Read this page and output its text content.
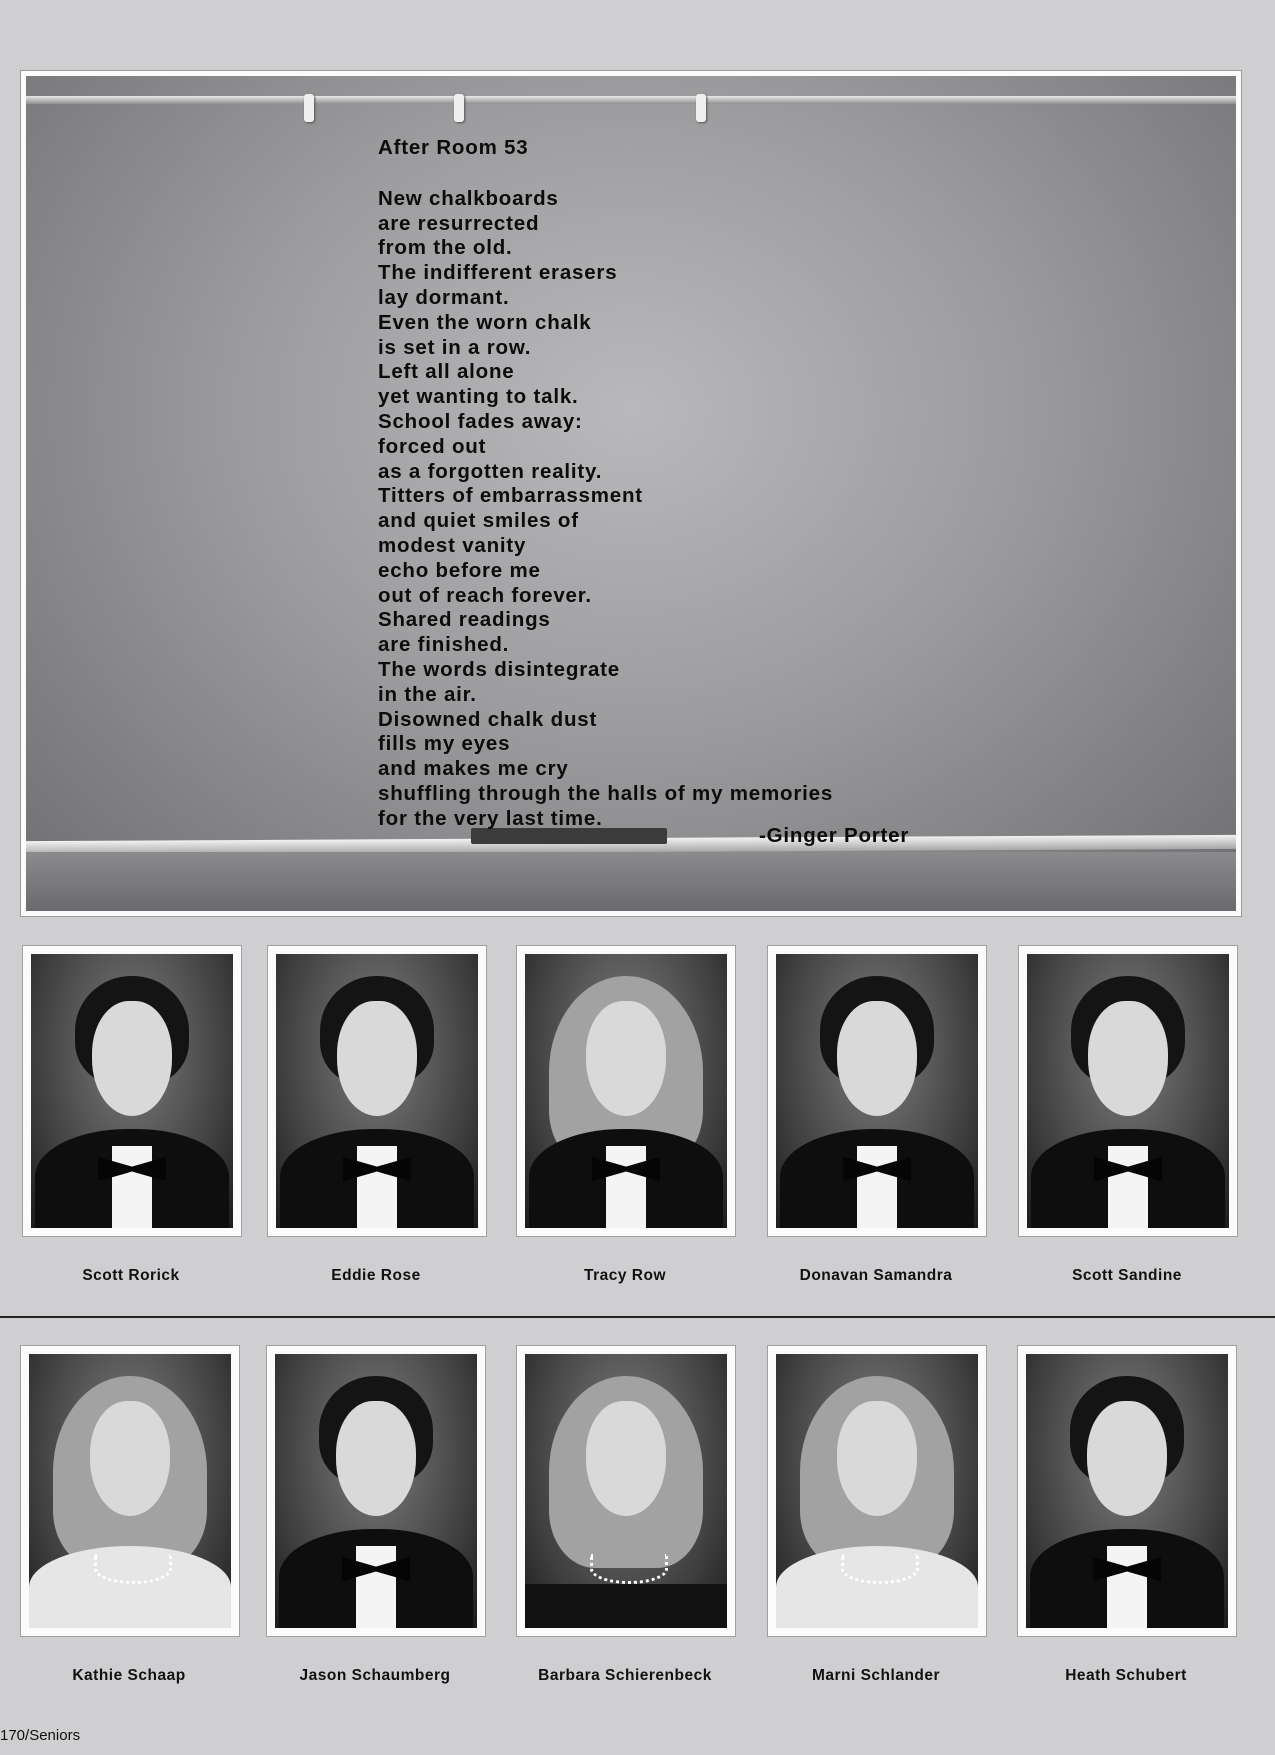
After Room 53
New chalkboards
are resurrected
from the old.
The indifferent erasers
lay dormant.
Even the worn chalk
is set in a row.
Left all alone
yet wanting to talk.
School fades away:
forced out
as a forgotten reality.
Titters of embarrassment
and quiet smiles of
modest vanity
echo before me
out of reach forever.
Shared readings
are finished.
The words disintegrate
in the air.
Disowned chalk dust
fills my eyes
and makes me cry
shuffling through the halls of my memories
for the very last time.
-Ginger Porter
Scott Rorick	Eddie Rose	Tracy Row	Donavan Samandra	Scott Sandine
Kathie Schaap	Jason Schaumberg	Barbara Schierenbeck	Marni Schlander	Heath Schubert
170/Seniors
